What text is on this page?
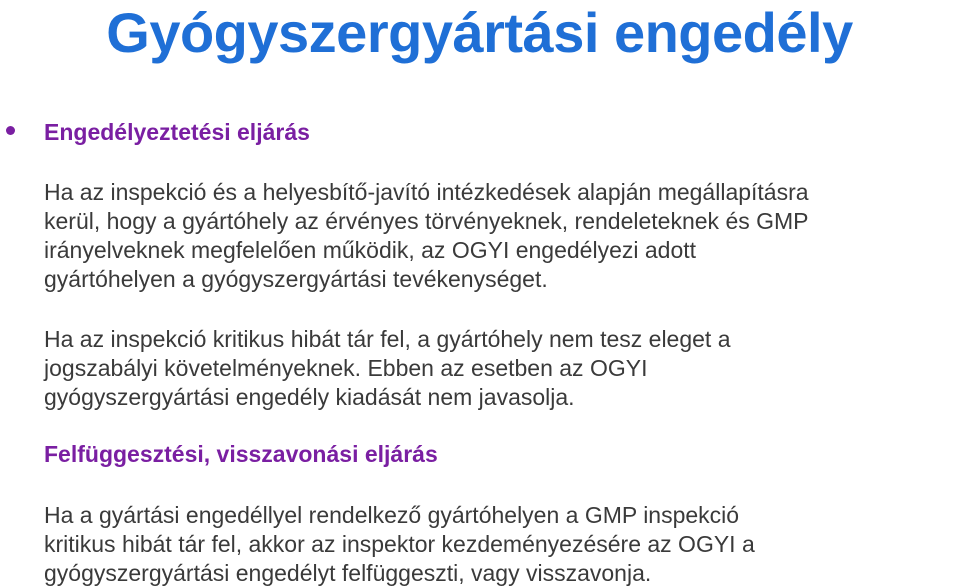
Gyógyszergyártási engedély
Engedélyeztetési eljárás
Ha az inspekció és a helyesbítő-javító intézkedések alapján megállapításra
kerül, hogy a gyártóhely az érvényes törvényeknek, rendeleteknek és GMP
irányelveknek megfelelően működik, az OGYI engedélyezi adott
gyártóhelyen a gyógyszergyártási tevékenységet.
Ha az inspekció kritikus hibát tár fel, a gyártóhely nem tesz eleget a
jogszabályi követelményeknek. Ebben az esetben az OGYI
gyógyszergyártási engedély kiadását nem javasolja.
Felfüggesztési, visszavonási eljárás
Ha a gyártási engedéllyel rendelkező gyártóhelyen a GMP inspekció
kritikus hibát tár fel, akkor az inspektor kezdeményezésére az OGYI a
gyógyszergyártási engedélyt felfüggeszti, vagy visszavonja.
